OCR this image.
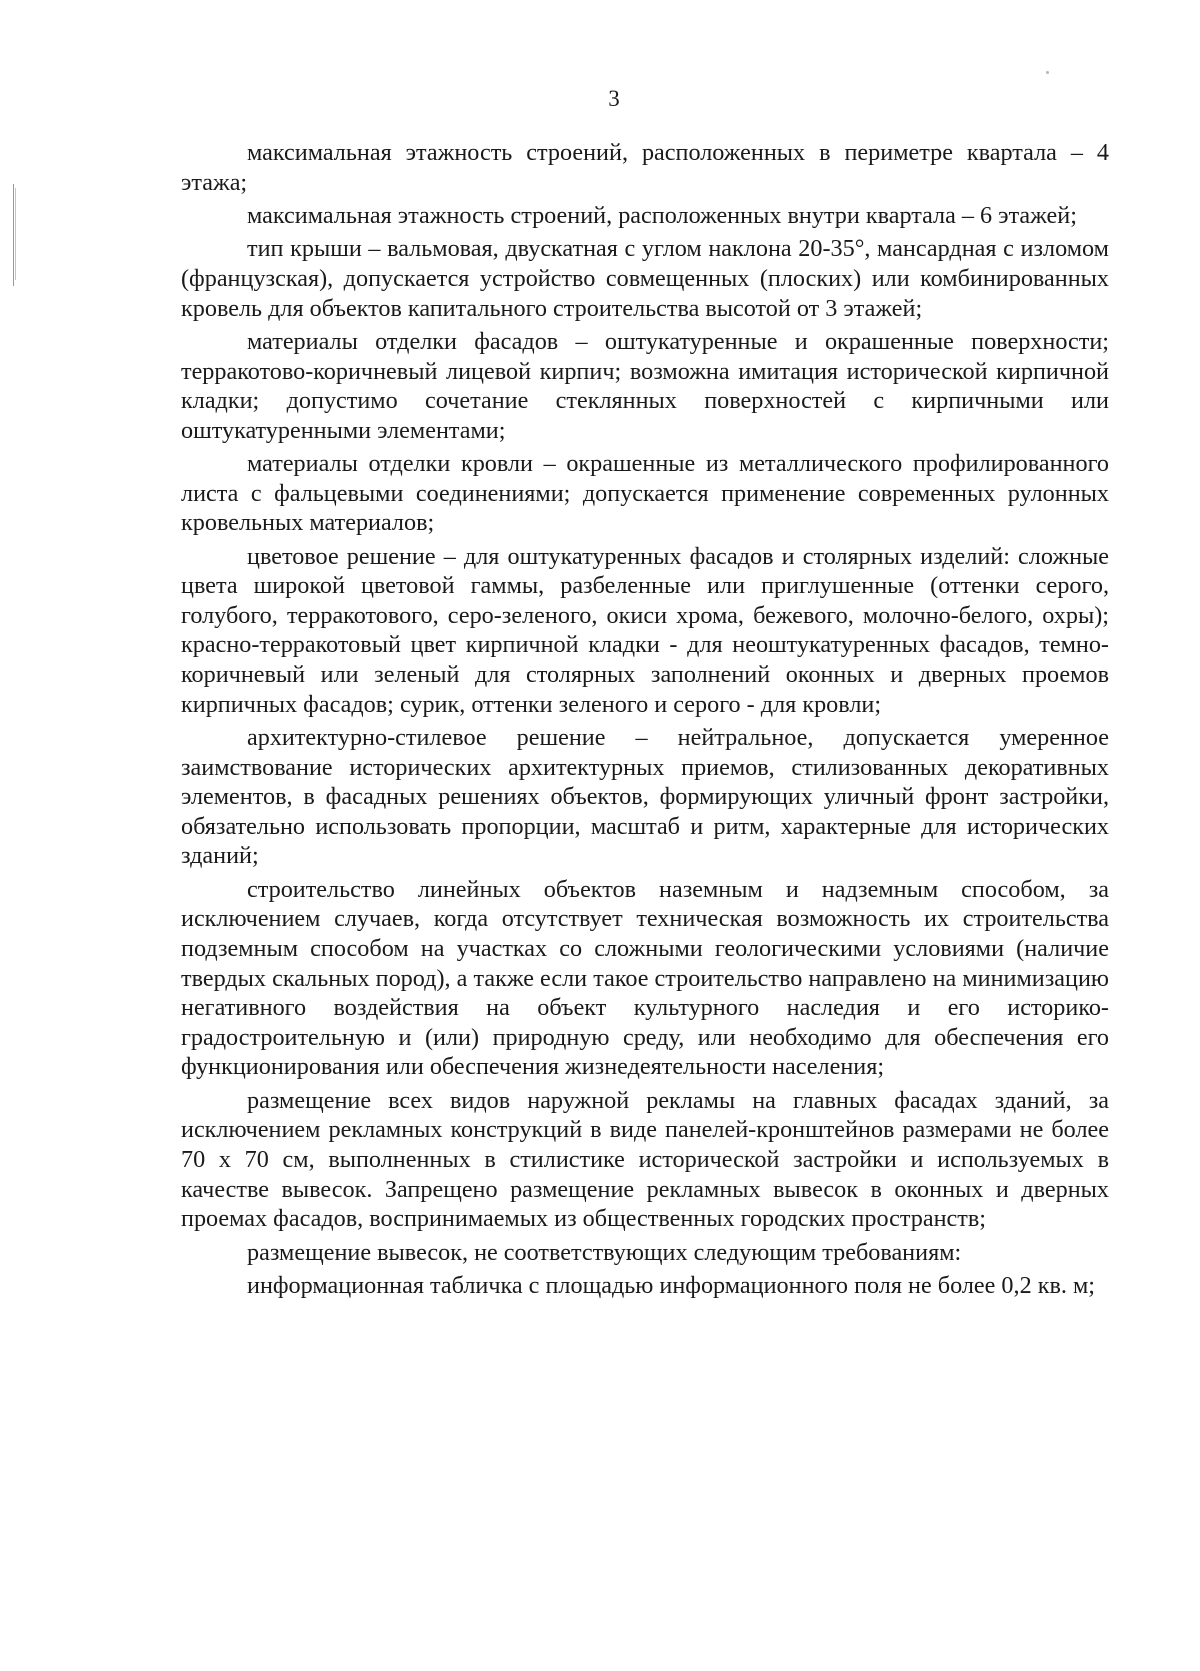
3

максимальная этажность строений, расположенных в периметре квартала – 4 этажа;

максимальная этажность строений, расположенных внутри квартала – 6 этажей;

тип крыши – вальмовая, двускатная с углом наклона 20-35°, мансардная с изломом (французская), допускается устройство совмещенных (плоских) или комбинированных кровель для объектов капитального строительства высотой от 3 этажей;

материалы отделки фасадов – оштукатуренные и окрашенные поверхности; терракотово-коричневый лицевой кирпич; возможна имитация исторической кирпичной кладки; допустимо сочетание стеклянных поверхностей с кирпичными или оштукатуренными элементами;

материалы отделки кровли – окрашенные из металлического профилированного листа с фальцевыми соединениями; допускается применение современных рулонных кровельных материалов;

цветовое решение – для оштукатуренных фасадов и столярных изделий: сложные цвета широкой цветовой гаммы, разбеленные или приглушенные (оттенки серого, голубого, терракотового, серо-зеленого, окиси хрома, бежевого, молочно-белого, охры); красно-терракотовый цвет кирпичной кладки - для неоштукатуренных фасадов, темно-коричневый или зеленый для столярных заполнений оконных и дверных проемов кирпичных фасадов; сурик, оттенки зеленого и серого - для кровли;

архитектурно-стилевое решение – нейтральное, допускается умеренное заимствование исторических архитектурных приемов, стилизованных декоративных элементов, в фасадных решениях объектов, формирующих уличный фронт застройки, обязательно использовать пропорции, масштаб и ритм, характерные для исторических зданий;

строительство линейных объектов наземным и надземным способом, за исключением случаев, когда отсутствует техническая возможность их строительства подземным способом на участках со сложными геологическими условиями (наличие твердых скальных пород), а также если такое строительство направлено на минимизацию негативного воздействия на объект культурного наследия и его историко-градостроительную и (или) природную среду, или необходимо для обеспечения его функционирования или обеспечения жизнедеятельности населения;

размещение всех видов наружной рекламы на главных фасадах зданий, за исключением рекламных конструкций в виде панелей-кронштейнов размерами не более 70 х 70 см, выполненных в стилистике исторической застройки и используемых в качестве вывесок. Запрещено размещение рекламных вывесок в оконных и дверных проемах фасадов, воспринимаемых из общественных городских пространств;

размещение вывесок, не соответствующих следующим требованиям:

информационная табличка с площадью информационного поля не более 0,2 кв. м;
